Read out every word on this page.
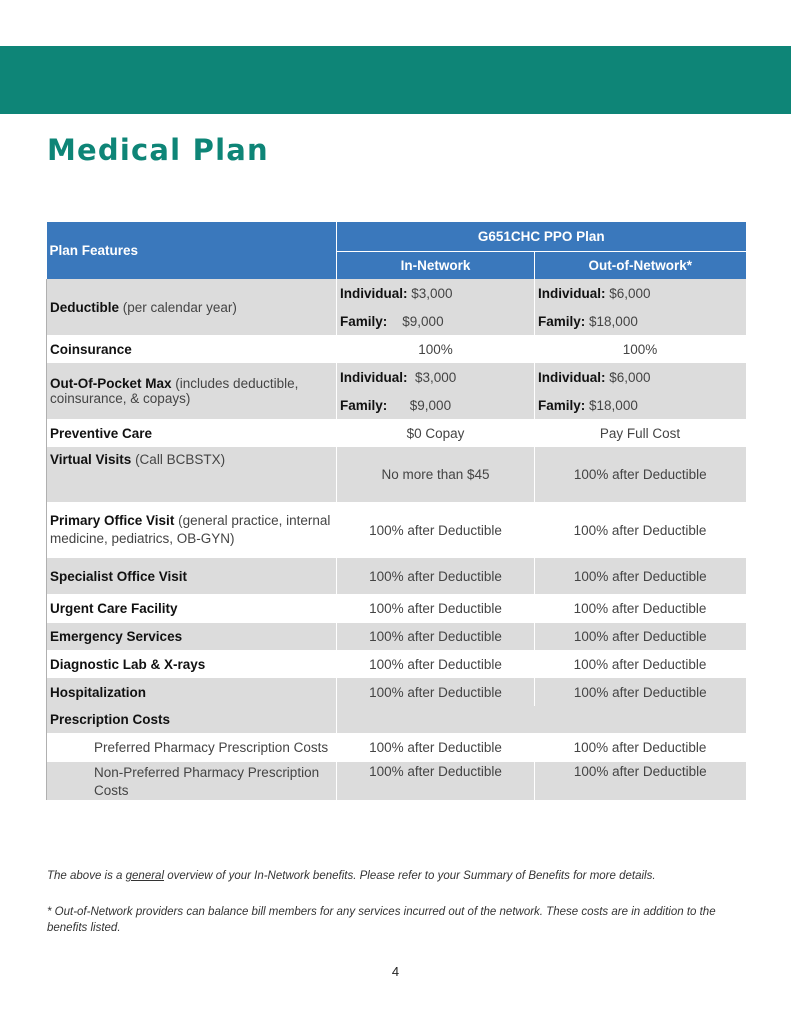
Medical Plan
Plan Features	G651CHC PPO Plan	
	In-Network	Out-of-Network*
Deductible (per calendar year)	Individual: $3,000	Individual: $6,000
	Family: $9,000	Family: $18,000
Coinsurance	100%	100%
Out-Of-Pocket Max (includes deductible, coinsurance, & copays)	Individual: $3,000	Individual: $6,000
	Family: $9,000	Family: $18,000
Preventive Care	$0 Copay	Pay Full Cost
Virtual Visits (Call BCBSTX)	No more than $45	100% after Deductible
Primary Office Visit (general practice, internal medicine, pediatrics, OB-GYN)	100% after Deductible	100% after Deductible
Specialist Office Visit	100% after Deductible	100% after Deductible
Urgent Care Facility	100% after Deductible	100% after Deductible
Emergency Services	100% after Deductible	100% after Deductible
Diagnostic Lab & X-rays	100% after Deductible	100% after Deductible
Hospitalization	100% after Deductible	100% after Deductible
Prescription Costs		
Preferred Pharmacy Prescription Costs	100% after Deductible	100% after Deductible
Non-Preferred Pharmacy Prescription Costs	100% after Deductible	100% after Deductible

The above is a general overview of your In-Network benefits. Please refer to your Summary of Benefits for more details.

* Out-of-Network providers can balance bill members for any services incurred out of the network. These costs are in addition to the benefits listed.

4
